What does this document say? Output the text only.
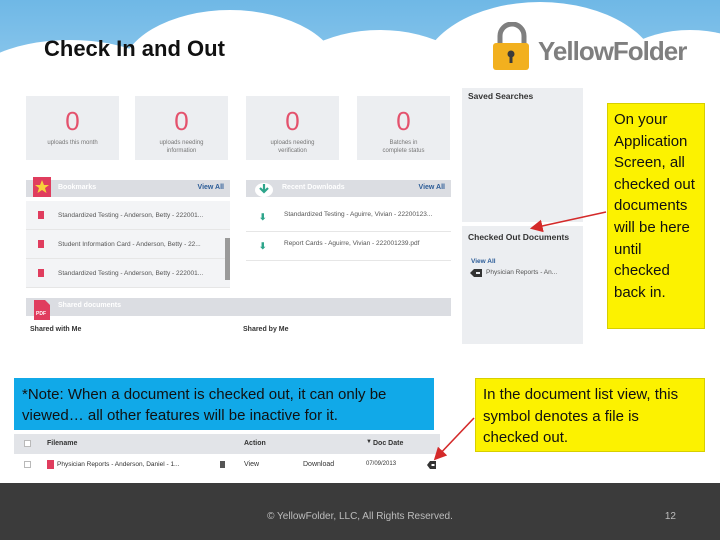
Check In and Out	YellowFolder
0
uploads this month
0
uploads needing information
0
uploads needing verification
0
Batches in complete status
Bookmarks	View All
Standardized Testing - Anderson, Betty - 222001...
Student Information Card - Anderson, Betty - 22...
Standardized Testing - Anderson, Betty - 222001...
Recent Downloads	View All
⬇	Standardized Testing - Aguirre, Vivian - 22200123...
⬇	Report Cards - Aguirre, Vivian - 222001239.pdf
PDF
Shared documents
Shared with Me	Shared by Me
Saved Searches
Checked Out Documents
View All
Physician Reports - An...
On your Application Screen, all checked out documents will be here until checked back in.
*Note: When a document is checked out, it can only be viewed… all other features will be inactive for it.
In the document list view, this symbol denotes a file is checked out.
Filename	Action	▼ Doc Date
Physician Reports - Anderson, Daniel - 1...	View	Download	07/09/2013
© YellowFolder, LLC, All Rights Reserved.	12
